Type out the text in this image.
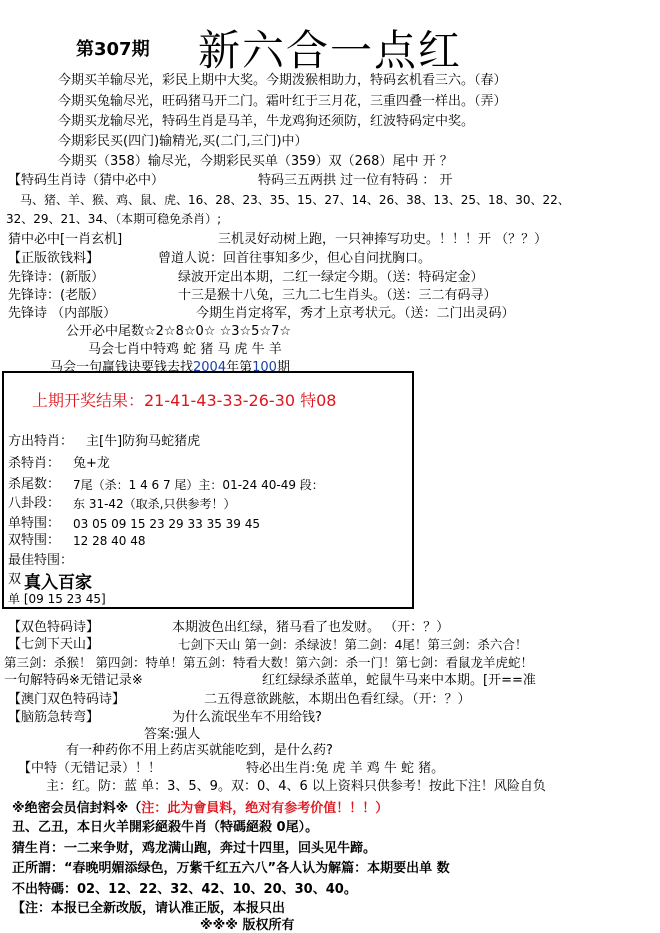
第307期 新六合一点红
今期买羊输尽光，彩民上期中大奖。今期泼猴相助力，特码玄机看三六。（春）
今期买兔输尽光，旺码猪马开二门。霜叶红于三月花，三重四叠一样出。（弄）
今期买龙输尽光，特码生肖是马羊，牛龙鸡狗还须防，红波特码定中奖。
今期彩民买(四门)输精光,买(二门,三门)中）
今期买（358）输尽光，今期彩民买单（359）双（268）尾中 开 ？
【特码生肖诗（猜中必中）	特码三五两拱 过一位有特码 ： 开
马、猪、羊、猴、鸡、鼠、虎、16、28、23、35、15、27、14、26、38、13、25、18、30、22、
32、29、21、34、（本期可稳免杀肖）;
猜中必中[一肖玄机]	三机灵好动树上跑，一只神捧写功史。！！！开 （？？）
【正版欲钱料】	曾道人说：回首往事知多少，但心自问扰胸口。
先锋诗：(新版）	绿波开定出本期，二红一绿定今期。（送：特码定金）
先锋诗：(老版）	十三是猴十八兔，三九二七生肖头。（送：三二有码寻）
先锋诗 （内部版）	今期生肖定将军，秀才上京考状元。（送：二门出灵码）
公开必中尾数☆2☆8☆0☆ ☆3☆5☆7☆
马会七肖中特鸡 蛇 猪 马 虎 牛 羊
马会一句赢钱诀要钱去找2004年第100期
上期开奖结果：21-41-43-33-26-30 特08
方出特肖： 主[牛]防狗马蛇猪虎
杀特肖： 兔+龙
杀尾数： 7尾（杀：1 4 6 7 尾）主：01-24 40-49 段：
八卦段： 东 31-42（取杀,只供参考！）
单特围： 03 05 09 15 23 29 33 35 39 45
双特围： 12 28 40 48
最佳特围：
双 真入百家
单 [09 15 23 45]
【双色特码诗】	本期波色出红绿，猪马看了也发财。 （开：？）
【七剑下天山】	七剑下天山 第一剑：杀绿波！第二剑：4尾！第三剑：杀六合！
第三剑：杀猴！ 第四剑：特单！第五剑：特看大数！第六剑：杀一门！第七剑：看鼠龙羊虎蛇！
一句解特码※无错记录※	红红绿绿杀蓝单，蛇鼠牛马来中本期。[开==准
【澳门双色特码诗】	二五得意欲跳舷，本期出色看红绿。（开：？）
【脑筋急转弯】	为什么流氓坐车不用给钱?
答案:强人
有一种药你不用上药店买就能吃到，是什么药?
【中特（无错记录）！！	特必出生肖:兔 虎 羊 鸡 牛 蛇 猪。
主：红。防：蓝 单：3、5、9。双：0、4、6 以上资料只供参考！按此下注！风险自负
※绝密会员信封料※（注：此为會員料，绝对有参考价值！！！）
丑、乙丑，本日火羊開彩絕殺牛肖（特碼絕殺 0尾）。
猜生肖：一二来争财，鸡龙满山跑，奔过十四里，回头见牛蹄。
正所謂：“春晚明媚添绿色，万紫千红五六八”各人认为解篇：本期要出单 数
不出特碼：02、12、22、32、42、10、20、30、40。
【注：本报已全新改版，请认准正版，本报只出
※※※ 版权所有
